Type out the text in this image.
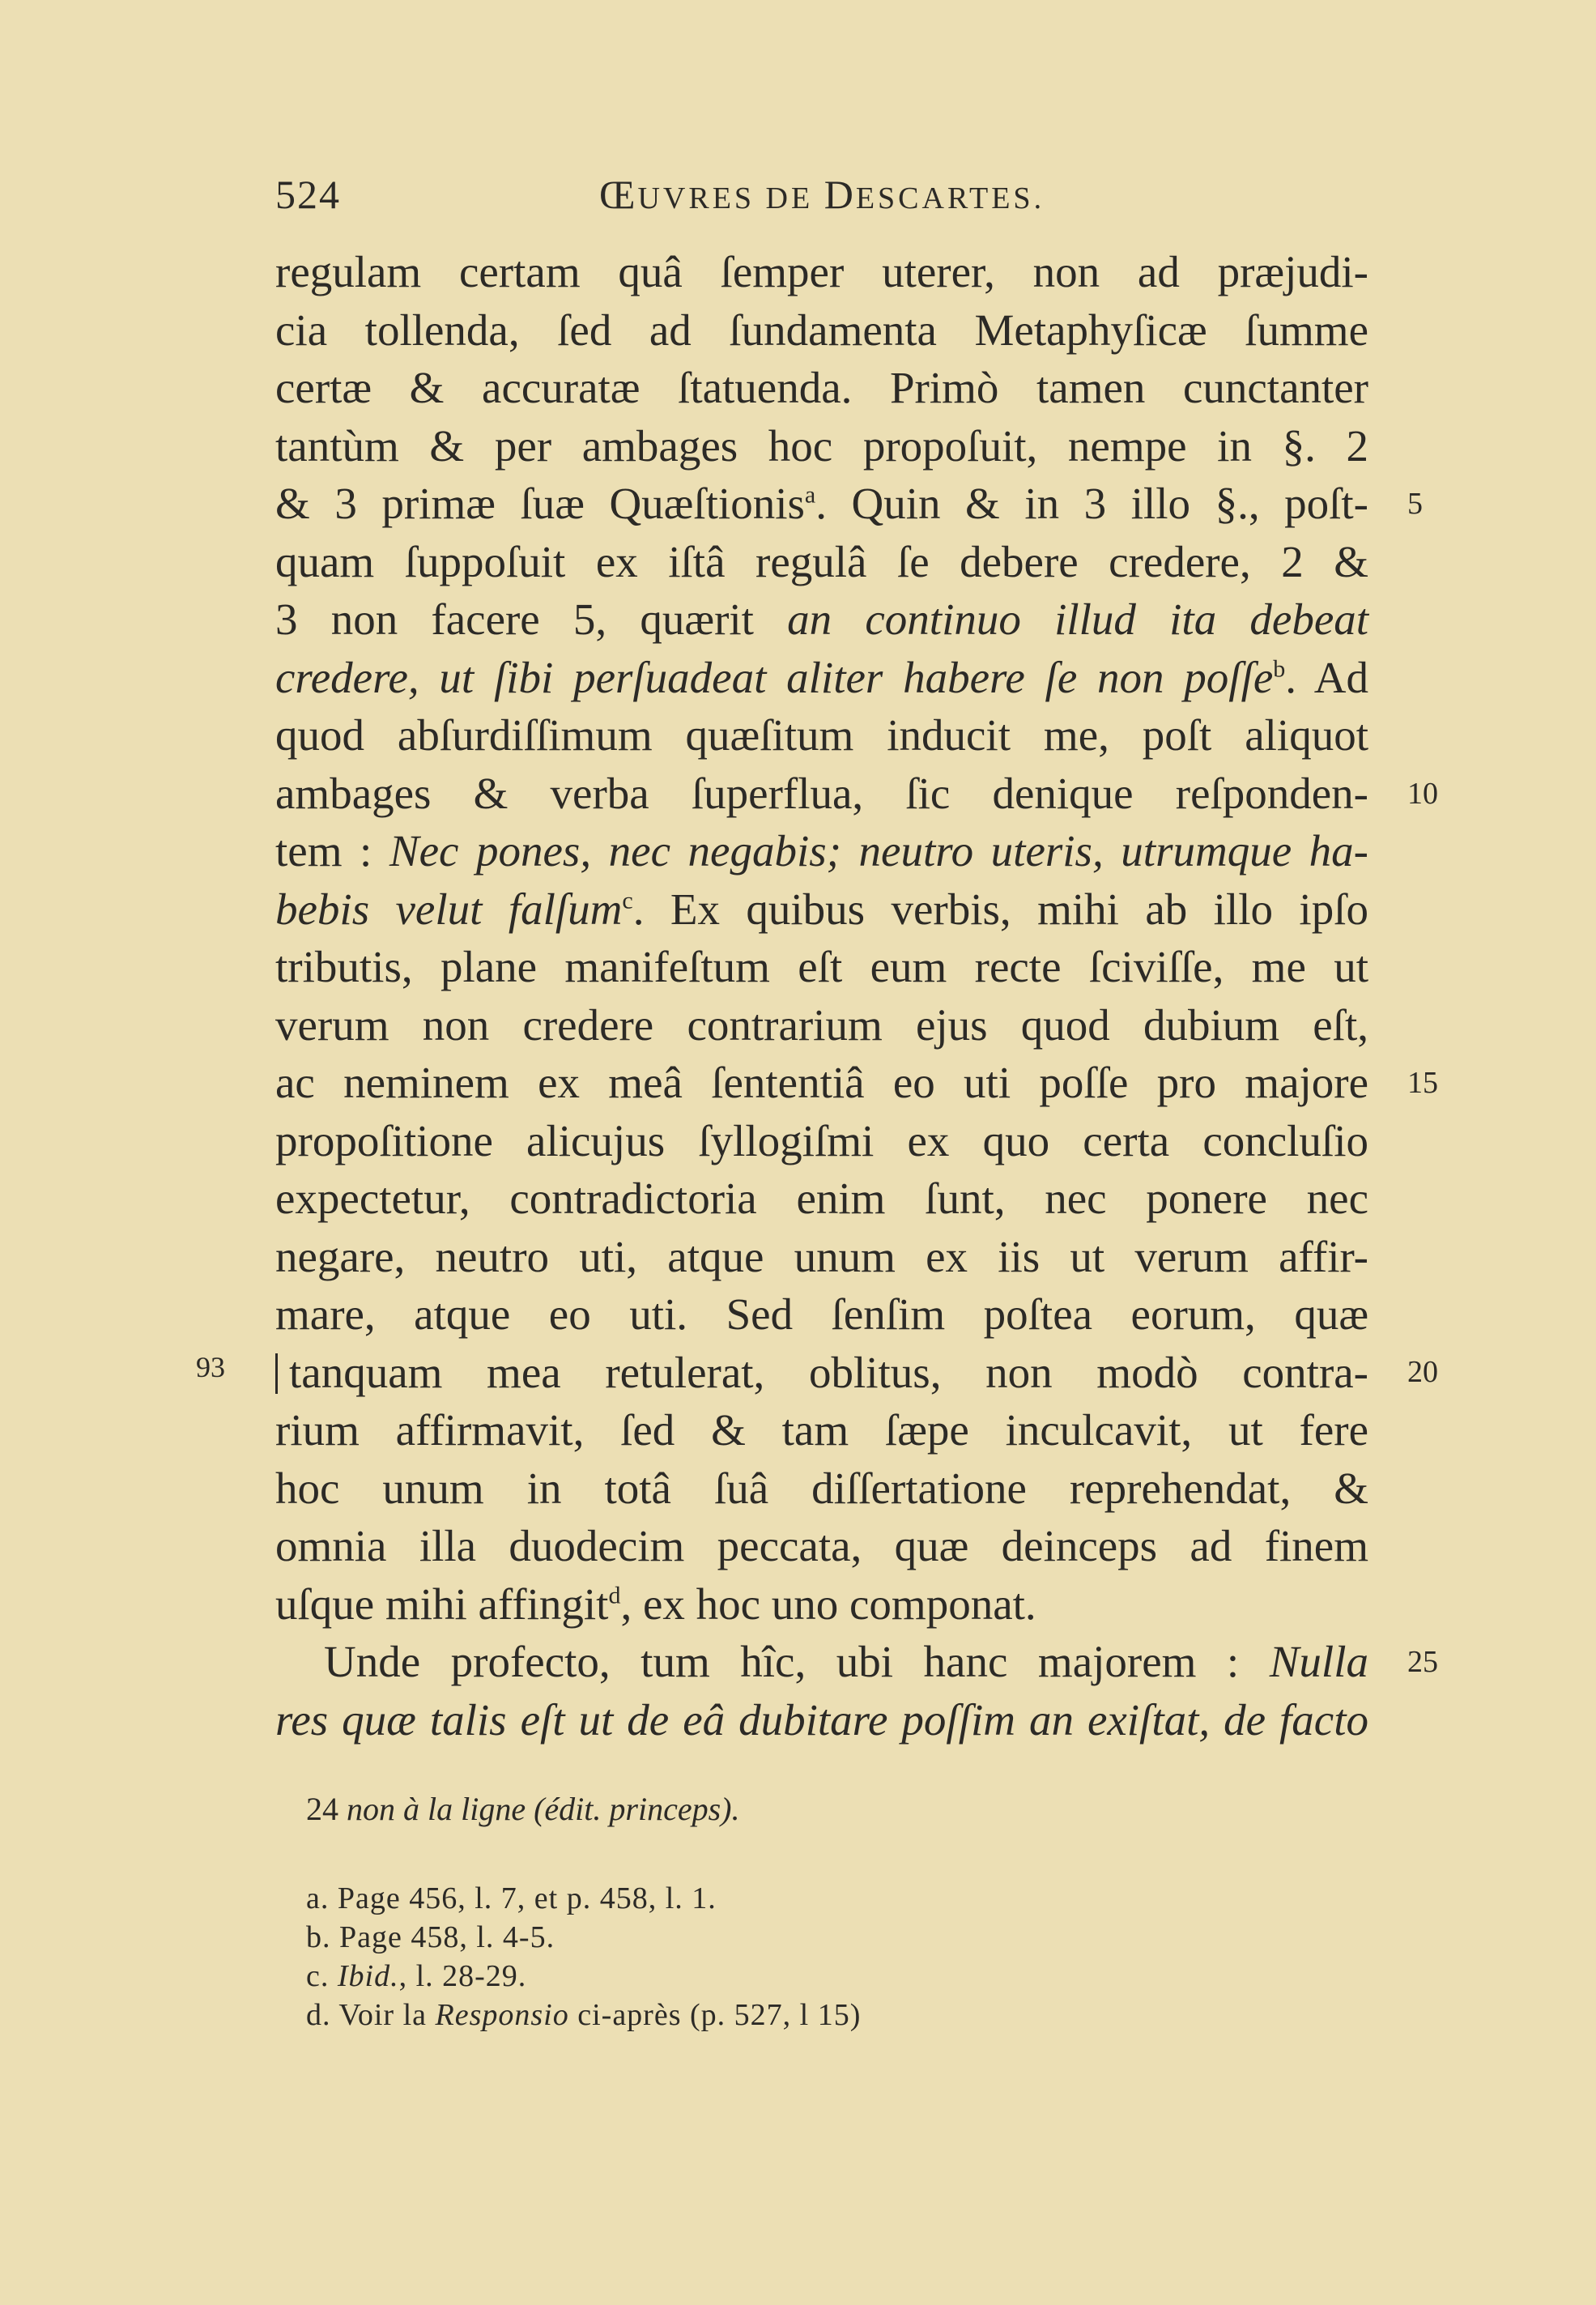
524	ŒUVRES DE DESCARTES.
93
5
10
15
20
25
regulam certam quâ ſemper uterer, non ad præjudi-
cia tollenda, ſed ad ſundamenta Metaphyſicæ ſumme
certæ & accuratæ ſtatuenda. Primò tamen cunctanter
tantùm & per ambages hoc propoſuit, nempe in §. 2
& 3 primæ ſuæ Quæſtionis$^a$. Quin & in 3 illo §., poſt-
quam ſuppoſuit ex iſtâ regulâ ſe debere credere, 2 &
3 non facere 5, quærit an continuo illud ita debeat
credere, ut ſibi perſuadeat aliter habere ſe non poſſe$^b$. Ad
quod abſurdiſſimum quæſitum inducit me, poſt aliquot
ambages & verba ſuperflua, ſic denique reſponden-
tem : Nec pones, nec negabis; neutro uteris, utrumque ha-
bebis velut falſum$^c$. Ex quibus verbis, mihi ab illo ipſo
tributis, plane manifeſtum eſt eum recte ſciviſſe, me ut
verum non credere contrarium ejus quod dubium eſt,
ac neminem ex meâ ſententiâ eo uti poſſe pro majore
propoſitione alicujus ſyllogiſmi ex quo certa concluſio
expectetur, contradictoria enim ſunt, nec ponere nec
negare, neutro uti, atque unum ex iis ut verum affir-
mare, atque eo uti. Sed ſenſim poſtea eorum, quæ
tanquam mea retulerat, oblitus, non modò contra-
rium affirmavit, ſed & tam ſæpe inculcavit, ut fere
hoc unum in totâ ſuâ diſſertatione reprehendat, &
omnia illa duodecim peccata, quæ deinceps ad finem
uſque mihi affingit$^d$, ex hoc uno componat.
Unde profecto, tum hîc, ubi hanc majorem : Nulla
res quæ talis eſt ut de eâ dubitare poſſim an exiſtat, de facto
24 non à la ligne (édit. princeps).
a. Page 456, l. 7, et p. 458, l. 1.
b. Page 458, l. 4-5.
c. Ibid., l. 28-29.
d. Voir la Responsio ci-après (p. 527, l 15)
